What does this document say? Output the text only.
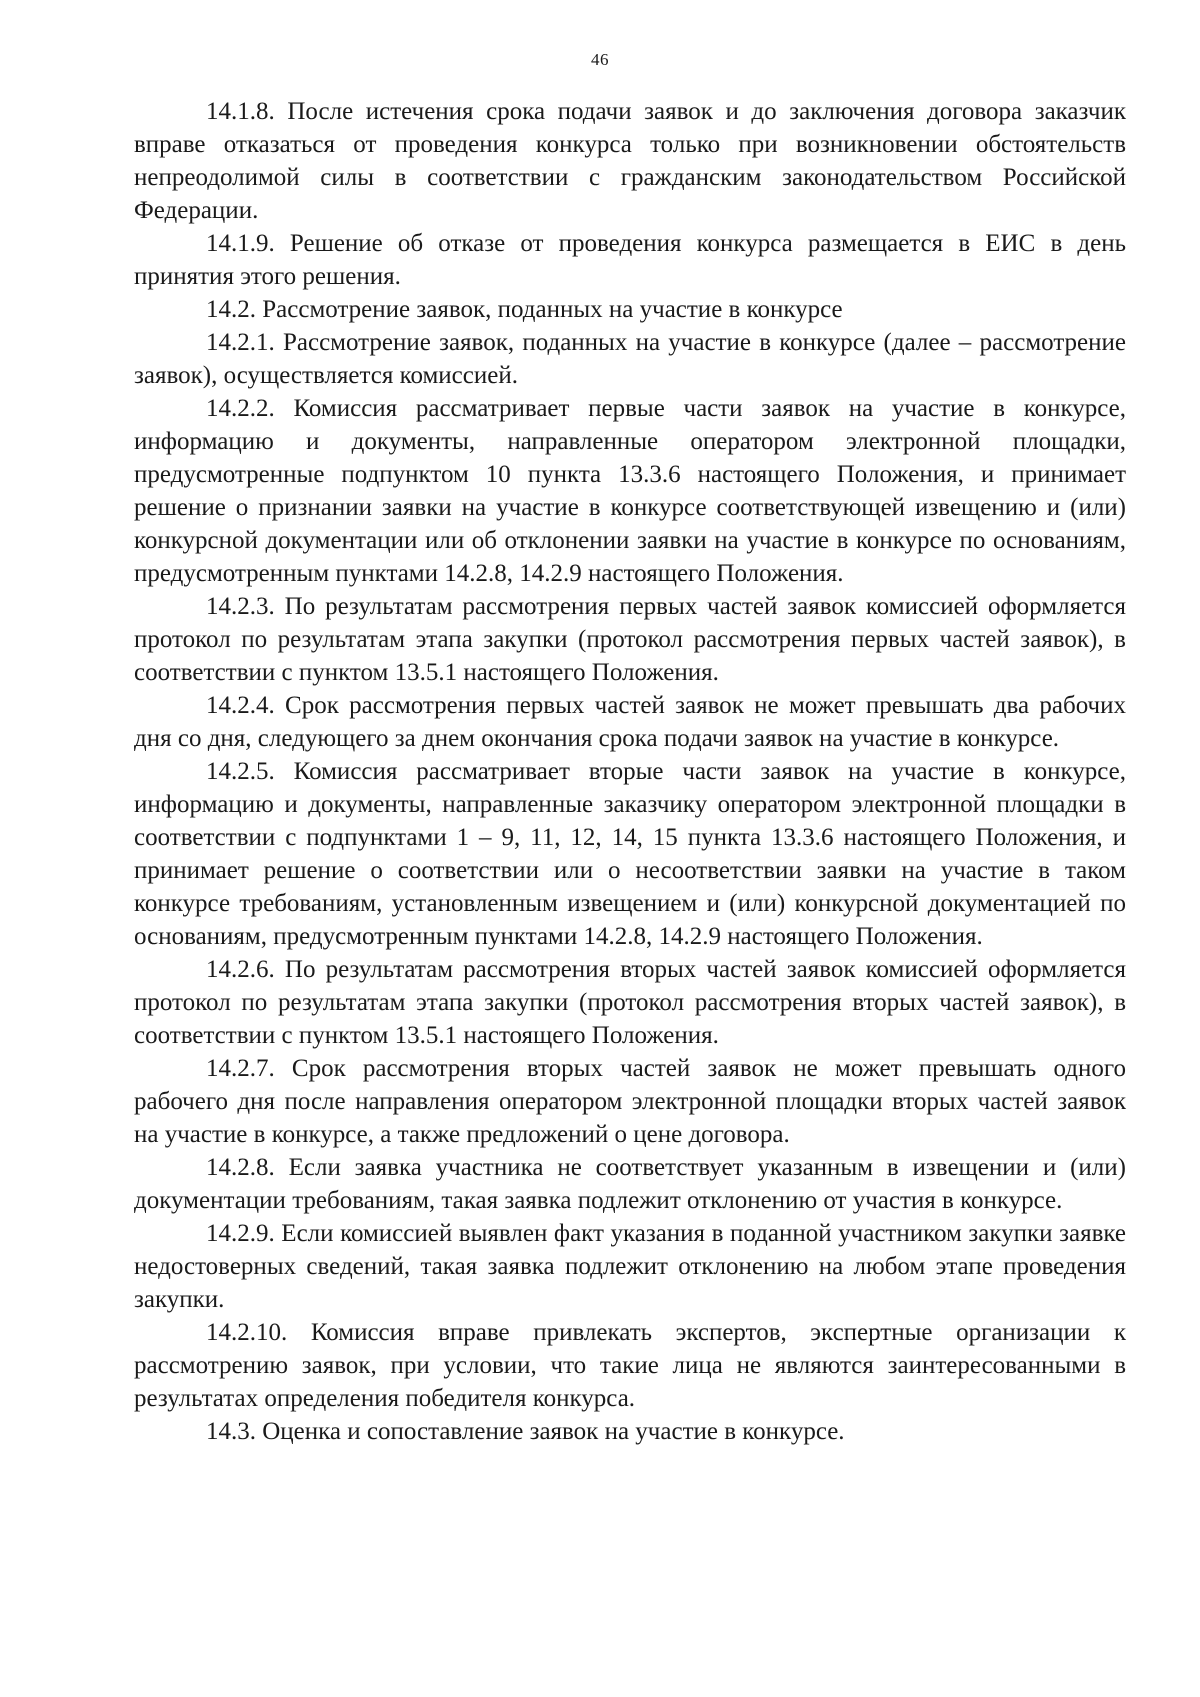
46

14.1.8. После истечения срока подачи заявок и до заключения договора заказчик вправе отказаться от проведения конкурса только при возникновении обстоятельств непреодолимой силы в соответствии с гражданским законодательством Российской Федерации.

14.1.9. Решение об отказе от проведения конкурса размещается в ЕИС в день принятия этого решения.

14.2. Рассмотрение заявок, поданных на участие в конкурсе

14.2.1. Рассмотрение заявок, поданных на участие в конкурсе (далее – рассмотрение заявок), осуществляется комиссией.

14.2.2. Комиссия рассматривает первые части заявок на участие в конкурсе, информацию и документы, направленные оператором электронной площадки, предусмотренные подпунктом 10 пункта 13.3.6 настоящего Положения, и принимает решение о признании заявки на участие в конкурсе соответствующей извещению и (или) конкурсной документации или об отклонении заявки на участие в конкурсе по основаниям, предусмотренным пунктами 14.2.8, 14.2.9 настоящего Положения.

14.2.3. По результатам рассмотрения первых частей заявок комиссией оформляется протокол по результатам этапа закупки (протокол рассмотрения первых частей заявок), в соответствии с пунктом 13.5.1 настоящего Положения.

14.2.4. Срок рассмотрения первых частей заявок не может превышать два рабочих дня со дня, следующего за днем окончания срока подачи заявок на участие в конкурсе.

14.2.5. Комиссия рассматривает вторые части заявок на участие в конкурсе, информацию и документы, направленные заказчику оператором электронной площадки в соответствии с подпунктами 1 – 9, 11, 12, 14, 15 пункта 13.3.6 настоящего Положения, и принимает решение о соответствии или о несоответствии заявки на участие в таком конкурсе требованиям, установленным извещением и (или) конкурсной документацией по основаниям, предусмотренным пунктами 14.2.8, 14.2.9 настоящего Положения.

14.2.6. По результатам рассмотрения вторых частей заявок комиссией оформляется протокол по результатам этапа закупки (протокол рассмотрения вторых частей заявок), в соответствии с пунктом 13.5.1 настоящего Положения.

14.2.7. Срок рассмотрения вторых частей заявок не может превышать одного рабочего дня после направления оператором электронной площадки вторых частей заявок на участие в конкурсе, а также предложений о цене договора.

14.2.8. Если заявка участника не соответствует указанным в извещении и (или) документации требованиям, такая заявка подлежит отклонению от участия в конкурсе.

14.2.9. Если комиссией выявлен факт указания в поданной участником закупки заявке недостоверных сведений, такая заявка подлежит отклонению на любом этапе проведения закупки.

14.2.10. Комиссия вправе привлекать экспертов, экспертные организации к рассмотрению заявок, при условии, что такие лица не являются заинтересованными в результатах определения победителя конкурса.

14.3. Оценка и сопоставление заявок на участие в конкурсе.
